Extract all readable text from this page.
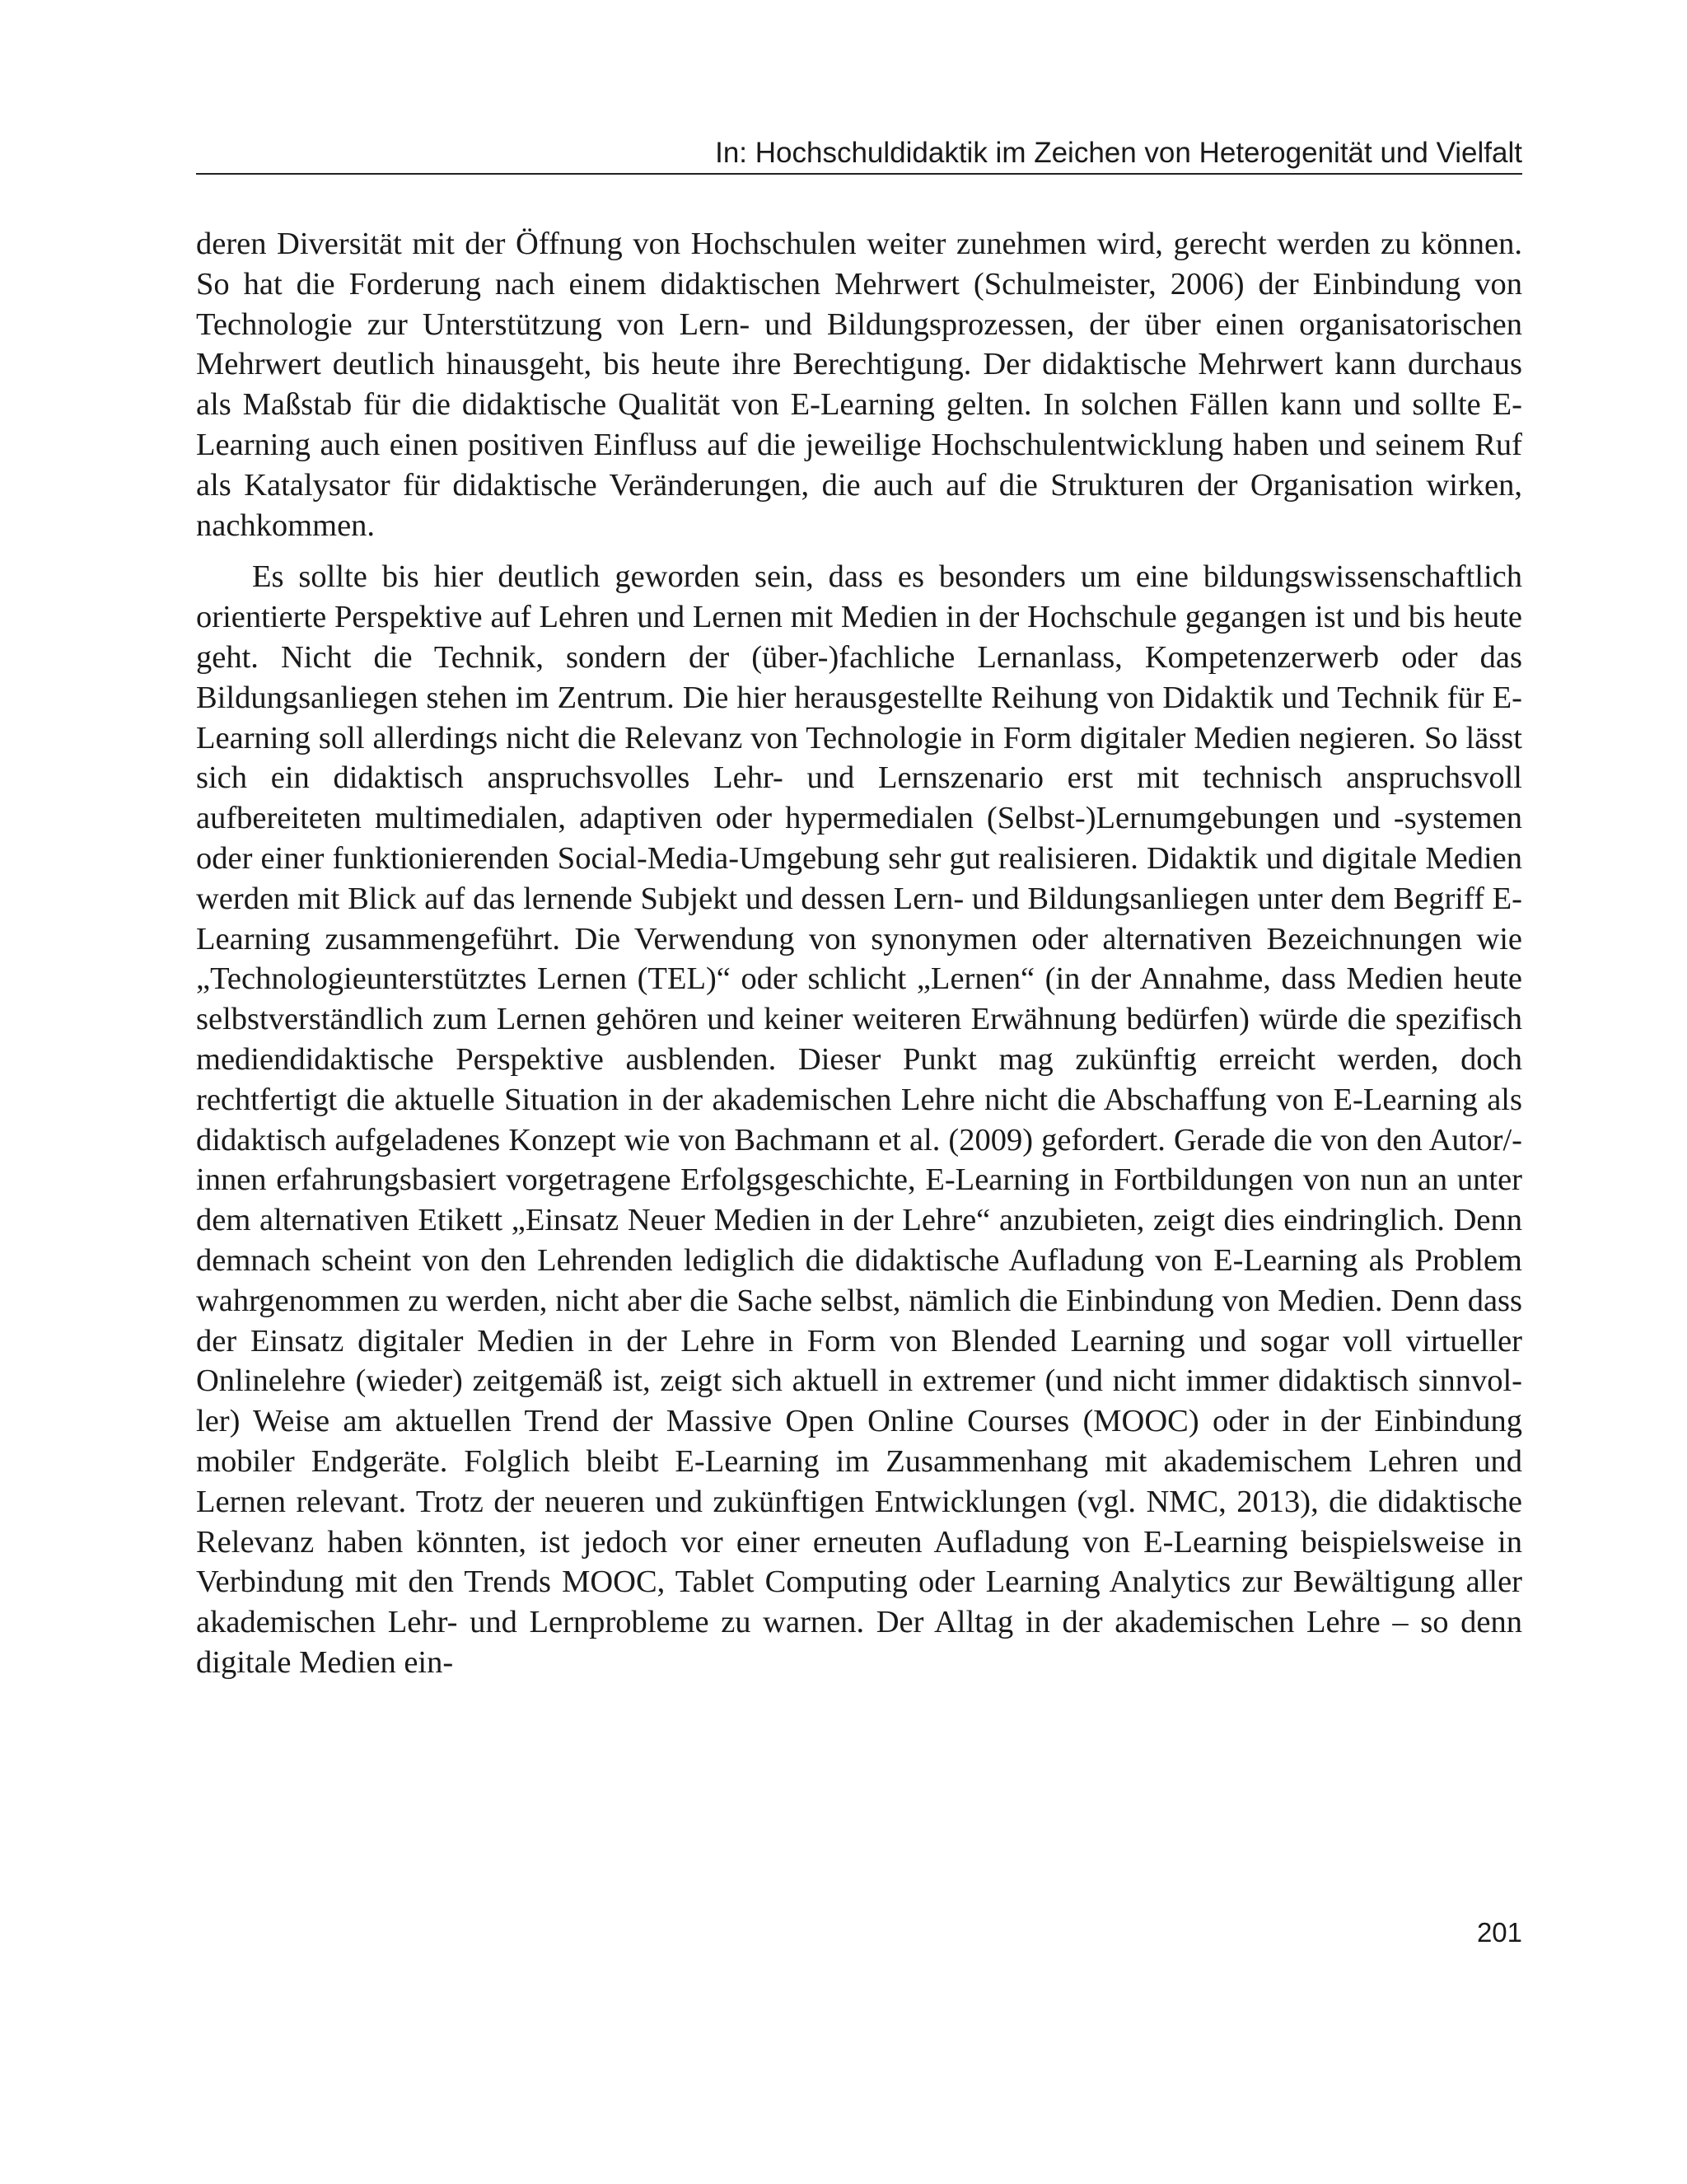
In: Hochschuldidaktik im Zeichen von Heterogenität und Vielfalt

deren Diversität mit der Öffnung von Hochschulen weiter zunehmen wird, gerecht werden zu können. So hat die Forderung nach einem didaktischen Mehrwert (Schulmeister, 2006) der Einbindung von Technologie zur Unterstützung von Lern- und Bildungsprozessen, der über einen organisatorischen Mehrwert deutlich hinausgeht, bis heute ihre Berechtigung. Der didaktische Mehrwert kann durchaus als Maßstab für die didaktische Qualität von E-Learning gelten. In solchen Fällen kann und sollte E-Learning auch einen positiven Einfluss auf die jeweilige Hochschulentwicklung haben und seinem Ruf als Katalysator für didaktische Veränderungen, die auch auf die Strukturen der Organisation wirken, nachkommen.

Es sollte bis hier deutlich geworden sein, dass es besonders um eine bildungswissenschaftlich orientierte Perspektive auf Lehren und Lernen mit Medien in der Hochschule gegangen ist und bis heute geht. Nicht die Technik, sondern der (über-)fachliche Lernanlass, Kompetenzerwerb oder das Bildungsanliegen stehen im Zentrum. Die hier herausgestellte Reihung von Didaktik und Technik für E-Learning soll allerdings nicht die Relevanz von Technologie in Form digitaler Medien negieren. So lässt sich ein didaktisch anspruchsvolles Lehr- und Lernszenario erst mit technisch anspruchsvoll aufbereiteten multimedialen, adaptiven oder hypermedialen (Selbst-)Lernumgebungen und -systemen oder einer funktionierenden Social-Media-Umgebung sehr gut realisieren. Didaktik und digitale Medien werden mit Blick auf das lernende Subjekt und dessen Lern- und Bildungsanliegen unter dem Begriff E-Learning zusammengeführt. Die Verwendung von synonymen oder alternativen Bezeichnungen wie „Technologieunterstütztes Lernen (TEL)“ oder schlicht „Lernen“ (in der Annahme, dass Medien heute selbstverständlich zum Lernen gehören und keiner weiteren Erwähnung bedürfen) würde die spezifisch mediendidaktische Perspektive ausblenden. Dieser Punkt mag zukünftig erreicht werden, doch rechtfertigt die aktuelle Situation in der akademischen Lehre nicht die Abschaffung von E-Learning als didaktisch aufgeladenes Konzept wie von Bachmann et al. (2009) gefordert. Gerade die von den Autor/-innen erfahrungsbasiert vorgetragene Erfolgsgeschichte, E-Learning in Fortbildungen von nun an unter dem alternativen Etikett „Einsatz Neuer Medien in der Lehre“ anzubieten, zeigt dies eindringlich. Denn demnach scheint von den Lehrenden lediglich die didaktische Aufladung von E-Learning als Problem wahrgenommen zu werden, nicht aber die Sache selbst, nämlich die Einbindung von Medien. Denn dass der Einsatz digitaler Medien in der Lehre in Form von Blended Learning und sogar voll virtueller Onlinelehre (wieder) zeitgemäß ist, zeigt sich aktuell in extremer (und nicht immer didaktisch sinnvoller) Weise am aktuellen Trend der Massive Open Online Courses (MOOC) oder in der Einbindung mobiler Endgeräte. Folglich bleibt E-Learning im Zusammenhang mit akademischem Lehren und Lernen relevant. Trotz der neueren und zukünftigen Entwicklungen (vgl. NMC, 2013), die didaktische Relevanz haben könnten, ist jedoch vor einer erneuten Aufladung von E-Learning beispielsweise in Verbindung mit den Trends MOOC, Tablet Computing oder Learning Analytics zur Bewältigung aller akademischen Lehr- und Lernprobleme zu warnen. Der Alltag in der akademischen Lehre – so denn digitale Medien ein-

201
